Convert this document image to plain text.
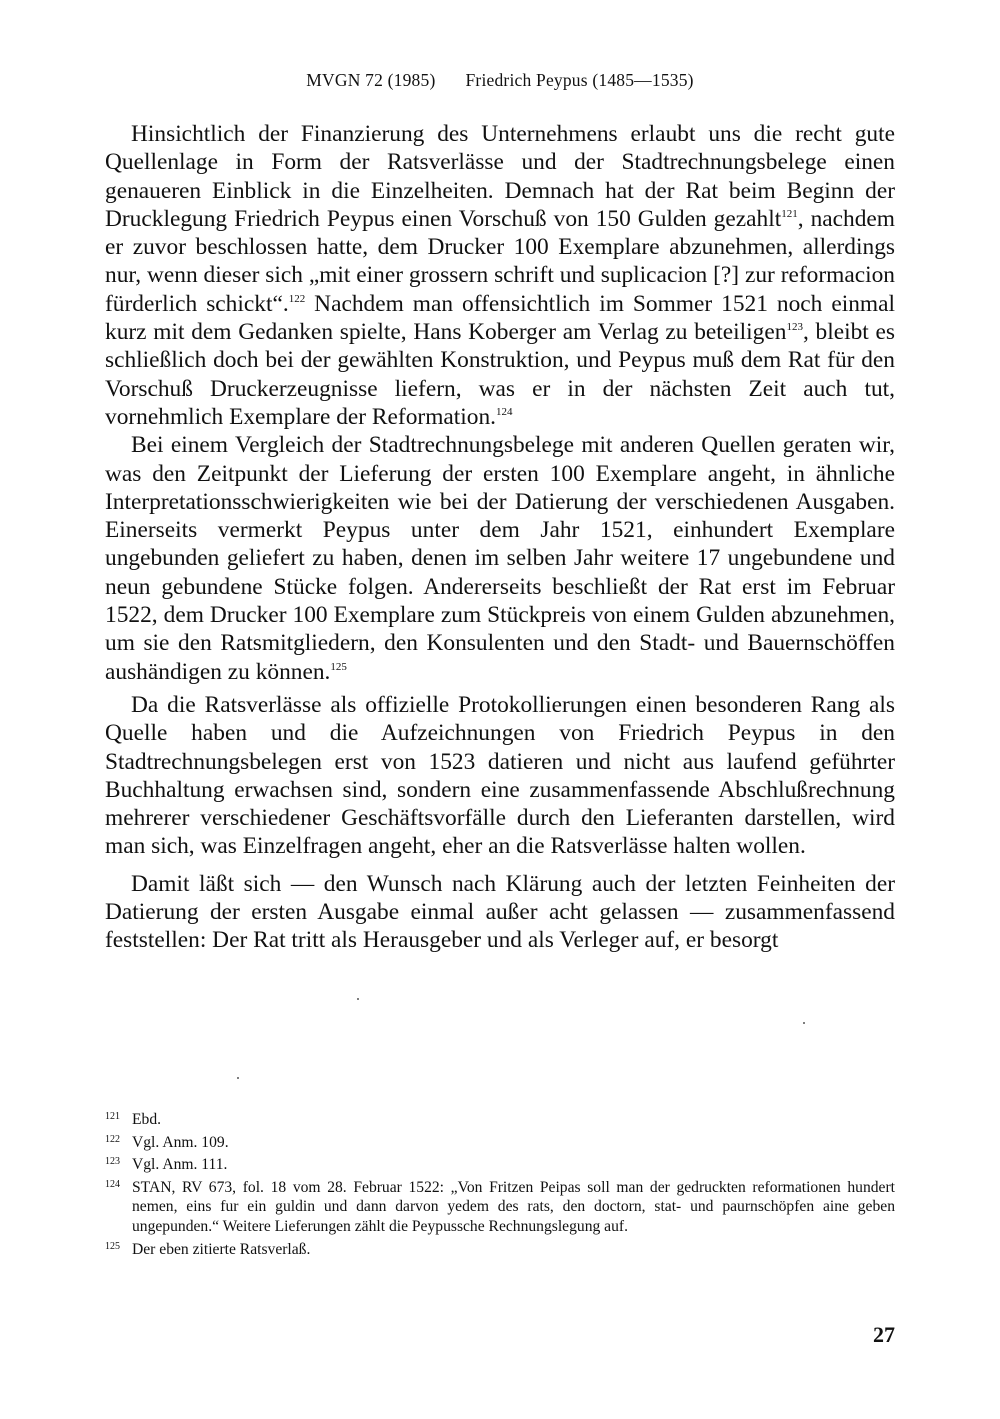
MVGN 72 (1985) Friedrich Peypus (1485—1535)

Hinsichtlich der Finanzierung des Unternehmens erlaubt uns die recht gute Quellenlage in Form der Ratsverlässe und der Stadtrechnungsbelege einen genaueren Einblick in die Einzelheiten. Demnach hat der Rat beim Beginn der Drucklegung Friedrich Peypus einen Vorschuß von 150 Gulden gezahlt$^{121}$, nachdem er zuvor beschlossen hatte, dem Drucker 100 Exemplare abzunehmen, allerdings nur, wenn dieser sich „mit einer grossern schrift und suplicacion [?] zur reformacion fürderlich schickt“.$^{122}$ Nachdem man offensichtlich im Sommer 1521 noch einmal kurz mit dem Gedanken spielte, Hans Koberger am Verlag zu beteiligen$^{123}$, bleibt es schließlich doch bei der gewählten Konstruktion, und Peypus muß dem Rat für den Vorschuß Druckerzeugnisse liefern, was er in der nächsten Zeit auch tut, vornehmlich Exemplare der Reformation.$^{124}$

Bei einem Vergleich der Stadtrechnungsbelege mit anderen Quellen geraten wir, was den Zeitpunkt der Lieferung der ersten 100 Exemplare angeht, in ähnliche Interpretationsschwierigkeiten wie bei der Datierung der verschiedenen Ausgaben. Einerseits vermerkt Peypus unter dem Jahr 1521, einhundert Exemplare ungebunden geliefert zu haben, denen im selben Jahr weitere 17 ungebundene und neun gebundene Stücke folgen. Andererseits beschließt der Rat erst im Februar 1522, dem Drucker 100 Exemplare zum Stückpreis von einem Gulden abzunehmen, um sie den Ratsmitgliedern, den Konsulenten und den Stadt- und Bauernschöffen aushändigen zu können.$^{125}$

Da die Ratsverlässe als offizielle Protokollierungen einen besonderen Rang als Quelle haben und die Aufzeichnungen von Friedrich Peypus in den Stadtrechnungsbelegen erst von 1523 datieren und nicht aus laufend geführter Buchhaltung erwachsen sind, sondern eine zusammenfassende Abschlußrechnung mehrerer verschiedener Geschäftsvorfälle durch den Lieferanten darstellen, wird man sich, was Einzelfragen angeht, eher an die Ratsverlässe halten wollen.

Damit läßt sich — den Wunsch nach Klärung auch der letzten Feinheiten der Datierung der ersten Ausgabe einmal außer acht gelassen — zusammenfassend feststellen: Der Rat tritt als Herausgeber und als Verleger auf, er besorgt

121 Ebd.
122 Vgl. Anm. 109.
123 Vgl. Anm. 111.
124 STAN, RV 673, fol. 18 vom 28. Februar 1522: „Von Fritzen Peipas soll man der gedruckten reformationen hundert nemen, eins fur ein guldin und dann darvon yedem des rats, den doctorn, stat- und paurnschöpfen aine geben ungepunden.“ Weitere Lieferungen zählt die Peypussche Rechnungslegung auf.
125 Der eben zitierte Ratsverlaß.
27
